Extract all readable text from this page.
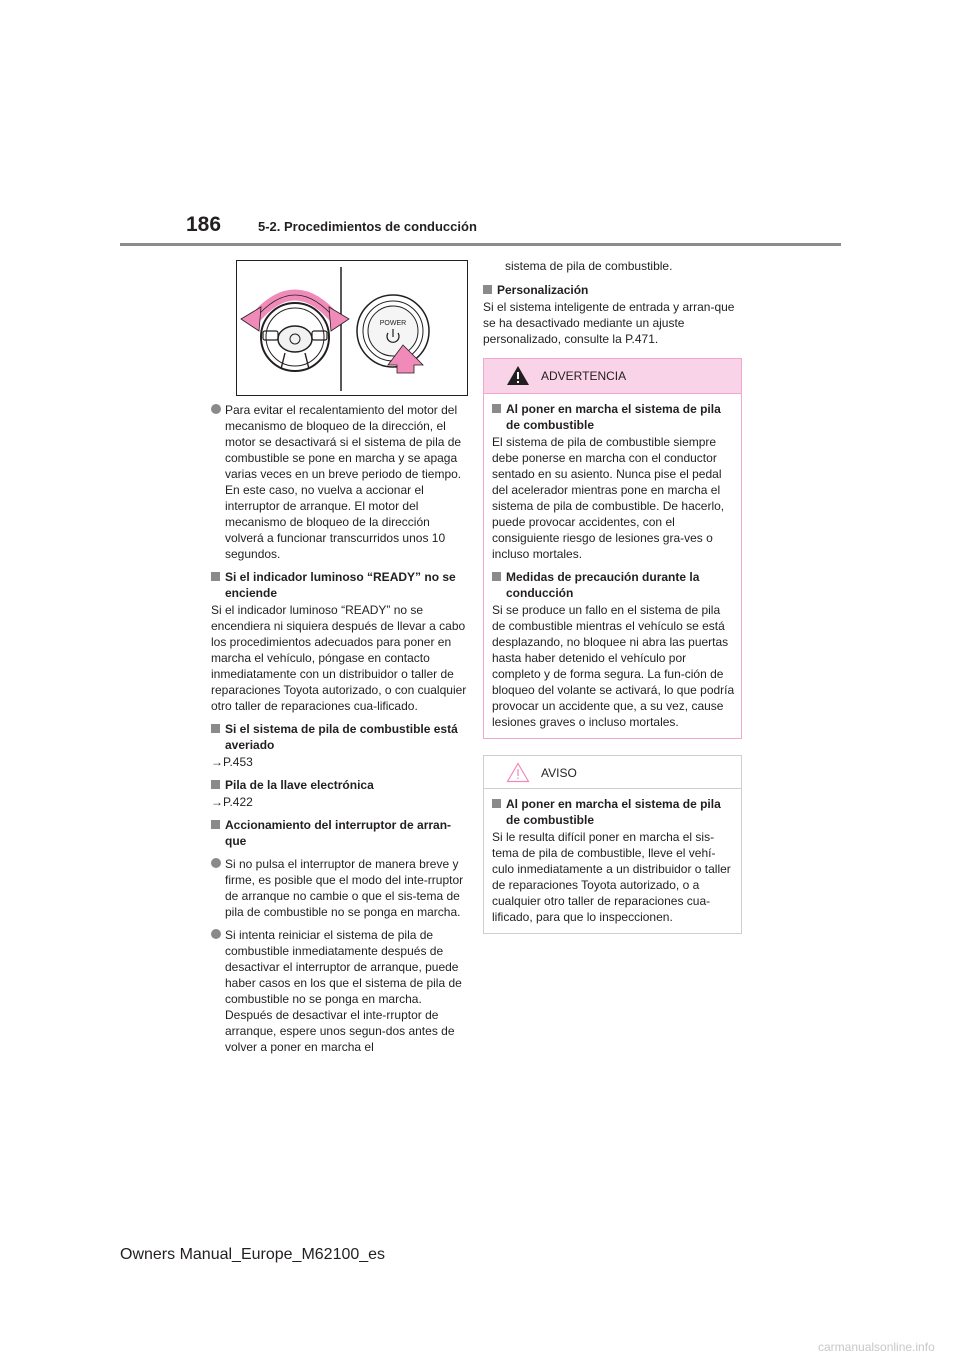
186	5-2. Procedimientos de conducción
POWER
Para evitar el recalentamiento del motor del mecanismo de bloqueo de la dirección, el motor se desactivará si el sistema de pila de combustible se pone en marcha y se apaga varias veces en un breve periodo de tiempo. En este caso, no vuelva a accionar el interruptor de arranque. El motor del mecanismo de bloqueo de la dirección volverá a funcionar transcurridos unos 10 segundos.
Si el indicador luminoso “READY” no se enciende
Si el indicador luminoso “READY” no se encendiera ni siquiera después de llevar a cabo los procedimientos adecuados para poner en marcha el vehículo, póngase en contacto inmediatamente con un distribuidor o taller de reparaciones Toyota autorizado, o con cualquier otro taller de reparaciones cua-lificado.
Si el sistema de pila de combustible está averiado
→P.453
Pila de la llave electrónica
→P.422
Accionamiento del interruptor de arran-que
Si no pulsa el interruptor de manera breve y firme, es posible que el modo del inte-rruptor de arranque no cambie o que el sis-tema de pila de combustible no se ponga en marcha.
Si intenta reiniciar el sistema de pila de combustible inmediatamente después de desactivar el interruptor de arranque, puede haber casos en los que el sistema de pila de combustible no se ponga en marcha. Después de desactivar el inte-rruptor de arranque, espere unos segun-dos antes de volver a poner en marcha el
sistema de pila de combustible.
Personalización
Si el sistema inteligente de entrada y arran-que se ha desactivado mediante un ajuste personalizado, consulte la P.471.
ADVERTENCIA
Al poner en marcha el sistema de pila de combustible
El sistema de pila de combustible siempre debe ponerse en marcha con el conductor sentado en su asiento. Nunca pise el pedal del acelerador mientras pone en marcha el sistema de pila de combustible. De hacerlo, puede provocar accidentes, con el consiguiente riesgo de lesiones gra-ves o incluso mortales.
Medidas de precaución durante la conducción
Si se produce un fallo en el sistema de pila de combustible mientras el vehículo se está desplazando, no bloquee ni abra las puertas hasta haber detenido el vehículo por completo y de forma segura. La fun-ción de bloqueo del volante se activará, lo que podría provocar un accidente que, a su vez, cause lesiones graves o incluso mortales.
AVISO
Al poner en marcha el sistema de pila de combustible
Si le resulta difícil poner en marcha el sis-tema de pila de combustible, lleve el vehí-culo inmediatamente a un distribuidor o taller de reparaciones Toyota autorizado, o a cualquier otro taller de reparaciones cua-lificado, para que lo inspeccionen.
Owners Manual_Europe_M62100_es
carmanualsonline.info
